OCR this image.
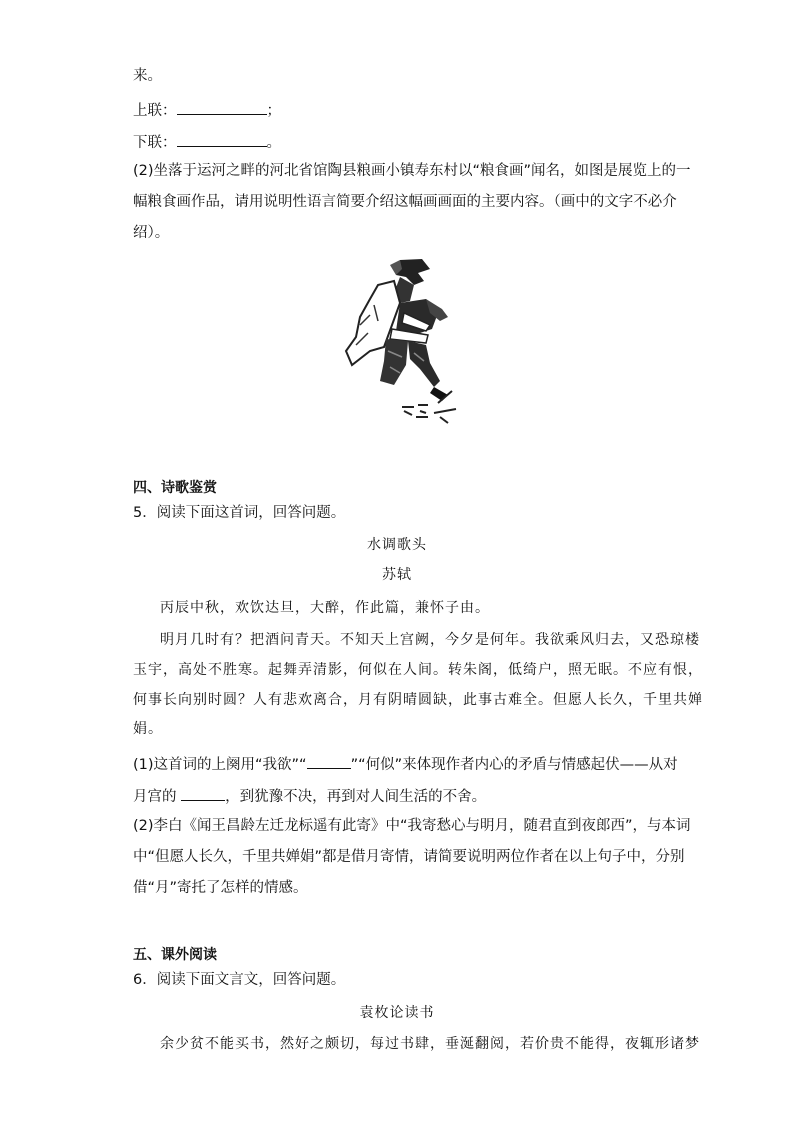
来。
上联：	；
下联：	。
(2)坐落于运河之畔的河北省馆陶县粮画小镇寿东村以“粮食画”闻名，如图是展览上的一
幅粮食画作品，请用说明性语言简要介绍这幅画画面的主要内容。（画中的文字不必介
绍）。
四、诗歌鉴赏
5．阅读下面这首词，回答问题。
水调歌头
苏轼
丙辰中秋，欢饮达旦，大醉，作此篇，兼怀子由。
明月几时有？把酒问青天。不知天上宫阙，今夕是何年。我欲乘风归去，又恐琼楼
玉宇，高处不胜寒。起舞弄清影，何似在人间。转朱阁，低绮户，照无眠。不应有恨，
何事长向别时圆？人有悲欢离合，月有阴晴圆缺，此事古难全。但愿人长久，千里共婵
娟。
(1)这首词的上阕用“我欲”“	”“何似”来体现作者内心的矛盾与情感起伏——从对
月宫的	，到犹豫不决，再到对人间生活的不舍。
(2)李白《闻王昌龄左迁龙标遥有此寄》中“我寄愁心与明月，随君直到夜郎西”，与本词
中“但愿人长久，千里共婵娟”都是借月寄情，请简要说明两位作者在以上句子中，分别
借“月”寄托了怎样的情感。
五、课外阅读
6．阅读下面文言文，回答问题。
袁枚论读书
余少贫不能买书，然好之颇切，每过书肆，垂涎翻阅，若价贵不能得，夜辄形诸梦
